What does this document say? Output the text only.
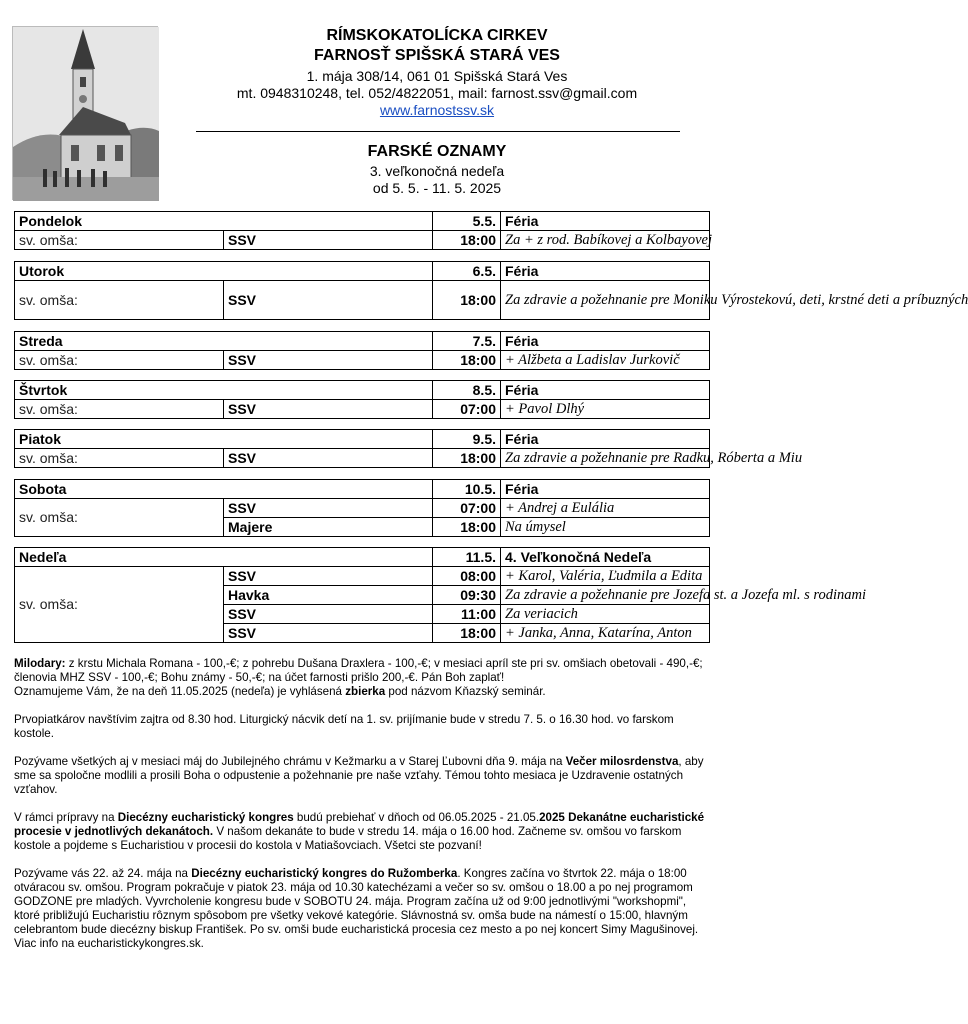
RÍMSKOKATOLÍCKA CIRKEV
FARNOSŤ SPIŠSKÁ STARÁ VES
1. mája 308/14, 061 01 Spišská Stará Ves
mt. 0948310248, tel. 052/4822051, mail: farnost.ssv@gmail.com
www.farnostssv.sk
FARSKÉ OZNAMY
3. veľkonočná nedeľa
od 5. 5. - 11. 5. 2025
Pondelok		5.5.	Féria
sv. omša:	SSV	18:00	Za + z rod. Babíkovej a Kolbayovej
Utorok		6.5.	Féria
sv. omša:	SSV	18:00	Za zdravie a požehnanie pre Moniku Výrostekovú, deti, krstné deti a príbuzných
Streda		7.5.	Féria
sv. omša:	SSV	18:00	+ Alžbeta a Ladislav Jurkovič
Štvrtok		8.5.	Féria
sv. omša:	SSV	07:00	+ Pavol Dlhý
Piatok		9.5.	Féria
sv. omša:	SSV	18:00	Za zdravie a požehnanie pre Radku, Róberta a Miu
Sobota		10.5.	Féria
sv. omša:	SSV	07:00	+ Andrej a Eulália
	Majere	18:00	Na úmysel
Nedeľa		11.5.	4. Veľkonočná Nedeľa
sv. omša:	SSV	08:00	+ Karol, Valéria, Ľudmila a Edita
	Havka	09:30	Za zdravie a požehnanie pre Jozefa st. a Jozefa ml. s rodinami
	SSV	11:00	Za veriacich
	SSV	18:00	+ Janka, Anna, Katarína, Anton

Milodary: z krstu Michala Romana - 100,-€; z pohrebu Dušana Draxlera - 100,-€; v mesiaci apríl ste pri sv. omšiach obetovali - 490,-€; členovia MHZ SSV - 100,-€; Bohu známy - 50,-€; na účet farnosti prišlo 200,-€. Pán Boh zaplať!

Oznamujeme Vám, že na deň 11.05.2025 (nedeľa) je vyhlásená zbierka pod názvom Kňazský seminár.

Prvopiatkárov navštívim zajtra od 8.30 hod. Liturgický nácvik detí na 1. sv. prijímanie bude v stredu 7. 5. o 16.30 hod. vo farskom kostole.

Pozývame všetkých aj v mesiaci máj do Jubilejného chrámu v Kežmarku a v Starej Ľubovni dňa 9. mája na Večer milosrdenstva, aby sme sa spoločne modlili a prosili Boha o odpustenie a požehnanie pre naše vzťahy. Témou tohto mesiaca je Uzdravenie ostatných vzťahov.

V rámci prípravy na Diecézny eucharistický kongres budú prebiehať v dňoch od 06.05.2025 - 21.05.2025 Dekanátne eucharistické procesie v jednotlivých dekanátoch. V našom dekanáte to bude v stredu 14. mája o 16.00 hod. Začneme sv. omšou vo farskom kostole a pojdeme s Eucharistiou v procesii do kostola v Matiašovciach. Všetci ste pozvaní!

Pozývame vás 22. až 24. mája na Diecézny eucharistický kongres do Ružomberka. Kongres začína vo štvrtok 22. mája o 18:00 otváracou sv. omšou. Program pokračuje v piatok 23. mája od 10.30 katechézami a večer so sv. omšou o 18.00 a po nej programom GODZONE pre mladých. Vyvrcholenie kongresu bude v SOBOTU 24. mája. Program začína už od 9:00 jednotlivými "workshopmi", ktoré približujú Eucharistiu rôznym spôsobom pre všetky vekové kategórie. Slávnostná sv. omša bude na námestí o 15:00, hlavným celebrantom bude diecézny biskup František. Po sv. omši bude eucharistická procesia cez mesto a po nej koncert Simy Magušinovej. Viac info na eucharistickykongres.sk.
